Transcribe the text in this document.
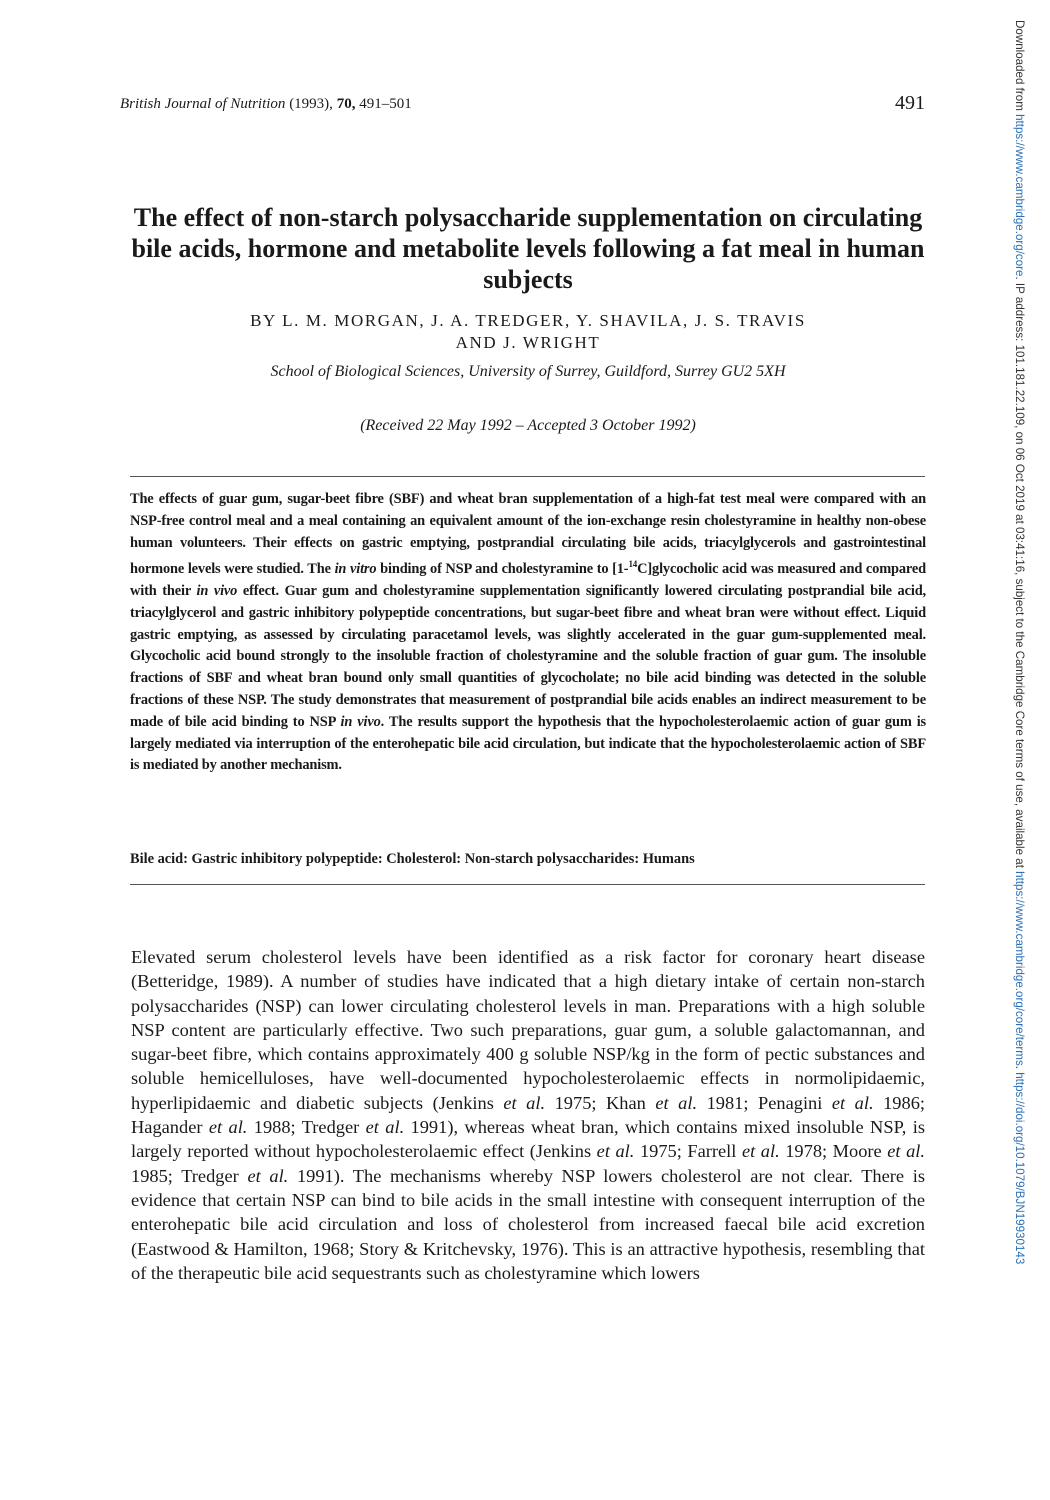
British Journal of Nutrition (1993), 70, 491–501	491
The effect of non-starch polysaccharide supplementation on circulating bile acids, hormone and metabolite levels following a fat meal in human subjects
BY L. M. MORGAN, J. A. TREDGER, Y. SHAVILA, J. S. TRAVIS
AND J. WRIGHT
School of Biological Sciences, University of Surrey, Guildford, Surrey GU2 5XH
(Received 22 May 1992 – Accepted 3 October 1992)
The effects of guar gum, sugar-beet fibre (SBF) and wheat bran supplementation of a high-fat test meal were compared with an NSP-free control meal and a meal containing an equivalent amount of the ion-exchange resin cholestyramine in healthy non-obese human volunteers. Their effects on gastric emptying, postprandial circulating bile acids, triacylglycerols and gastrointestinal hormone levels were studied. The in vitro binding of NSP and cholestyramine to [1-$^{14}$C]glycocholic acid was measured and compared with their in vivo effect. Guar gum and cholestyramine supplementation significantly lowered circulating postprandial bile acid, triacylglycerol and gastric inhibitory polypeptide concentrations, but sugar-beet fibre and wheat bran were without effect. Liquid gastric emptying, as assessed by circulating paracetamol levels, was slightly accelerated in the guar gum-supplemented meal. Glycocholic acid bound strongly to the insoluble fraction of cholestyramine and the soluble fraction of guar gum. The insoluble fractions of SBF and wheat bran bound only small quantities of glycocholate; no bile acid binding was detected in the soluble fractions of these NSP. The study demonstrates that measurement of postprandial bile acids enables an indirect measurement to be made of bile acid binding to NSP in vivo. The results support the hypothesis that the hypocholesterolaemic action of guar gum is largely mediated via interruption of the enterohepatic bile acid circulation, but indicate that the hypocholesterolaemic action of SBF is mediated by another mechanism.
Bile acid: Gastric inhibitory polypeptide: Cholesterol: Non-starch polysaccharides: Humans
Elevated serum cholesterol levels have been identified as a risk factor for coronary heart disease (Betteridge, 1989). A number of studies have indicated that a high dietary intake of certain non-starch polysaccharides (NSP) can lower circulating cholesterol levels in man. Preparations with a high soluble NSP content are particularly effective. Two such preparations, guar gum, a soluble galactomannan, and sugar-beet fibre, which contains approximately 400 g soluble NSP/kg in the form of pectic substances and soluble hemicelluloses, have well-documented hypocholesterolaemic effects in normolipidaemic, hyperlipidaemic and diabetic subjects (Jenkins et al. 1975; Khan et al. 1981; Penagini et al. 1986; Hagander et al. 1988; Tredger et al. 1991), whereas wheat bran, which contains mixed insoluble NSP, is largely reported without hypocholesterolaemic effect (Jenkins et al. 1975; Farrell et al. 1978; Moore et al. 1985; Tredger et al. 1991). The mechanisms whereby NSP lowers cholesterol are not clear. There is evidence that certain NSP can bind to bile acids in the small intestine with consequent interruption of the enterohepatic bile acid circulation and loss of cholesterol from increased faecal bile acid excretion (Eastwood & Hamilton, 1968; Story & Kritchevsky, 1976). This is an attractive hypothesis, resembling that of the therapeutic bile acid sequestrants such as cholestyramine which lowers
Downloaded from https://www.cambridge.org/core. IP address: 101.181.22.109, on 06 Oct 2019 at 03:41:16, subject to the Cambridge Core terms of use, available at https://www.cambridge.org/core/terms. https://doi.org/10.1079/BJN19930143
